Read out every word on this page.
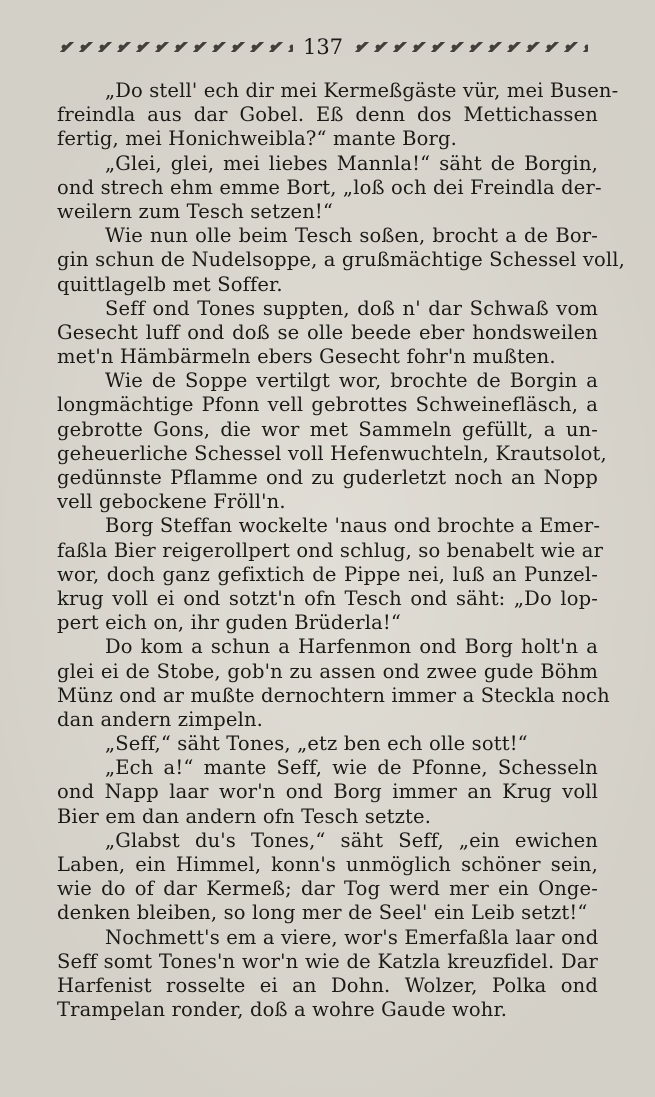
137
„Do stell' ech dir mei Kermeßgäste vür, mei Busen-
freindla aus dar Gobel. Eß denn dos Mettichassen
fertig, mei Honichweibla?“ mante Borg.
„Glei, glei, mei liebes Mannla!“ säht de Borgin,
ond strech ehm emme Bort, „loß och dei Freindla der-
weilern zum Tesch setzen!“
Wie nun olle beim Tesch soßen, brocht a de Bor-
gin schun de Nudelsoppe, a grußmächtige Schessel voll,
quittlagelb met Soffer.
Seff ond Tones suppten, doß n' dar Schwaß vom
Gesecht luff ond doß se olle beede eber hondsweilen
met'n Hämbärmeln ebers Gesecht fohr'n mußten.
Wie de Soppe vertilgt wor, brochte de Borgin a
longmächtige Pfonn vell gebrottes Schweinefläsch, a
gebrotte Gons, die wor met Sammeln gefüllt, a un-
geheuerliche Schessel voll Hefenwuchteln, Krautsolot,
gedünnste Pflamme ond zu guderletzt noch an Nopp
vell gebockene Fröll'n.
Borg Steffan wockelte 'naus ond brochte a Emer-
faßla Bier reigerollpert ond schlug, so benabelt wie ar
wor, doch ganz gefixtich de Pippe nei, luß an Punzel-
krug voll ei ond sotzt'n ofn Tesch ond säht: „Do lop-
pert eich on, ihr guden Brüderla!“
Do kom a schun a Harfenmon ond Borg holt'n a
glei ei de Stobe, gob'n zu assen ond zwee gude Böhm
Münz ond ar mußte dernochtern immer a Steckla noch
dan andern zimpeln.
„Seff,“ säht Tones, „etz ben ech olle sott!“
„Ech a!“ mante Seff, wie de Pfonne, Schesseln
ond Napp laar wor'n ond Borg immer an Krug voll
Bier em dan andern ofn Tesch setzte.
„Glabst du's Tones,“ säht Seff, „ein ewichen
Laben, ein Himmel, konn's unmöglich schöner sein,
wie do of dar Kermeß; dar Tog werd mer ein Onge-
denken bleiben, so long mer de Seel' ein Leib setzt!“
Nochmett's em a viere, wor's Emerfaßla laar ond
Seff somt Tones'n wor'n wie de Katzla kreuzfidel. Dar
Harfenist rosselte ei an Dohn. Wolzer, Polka ond
Trampelan ronder, doß a wohre Gaude wohr.
